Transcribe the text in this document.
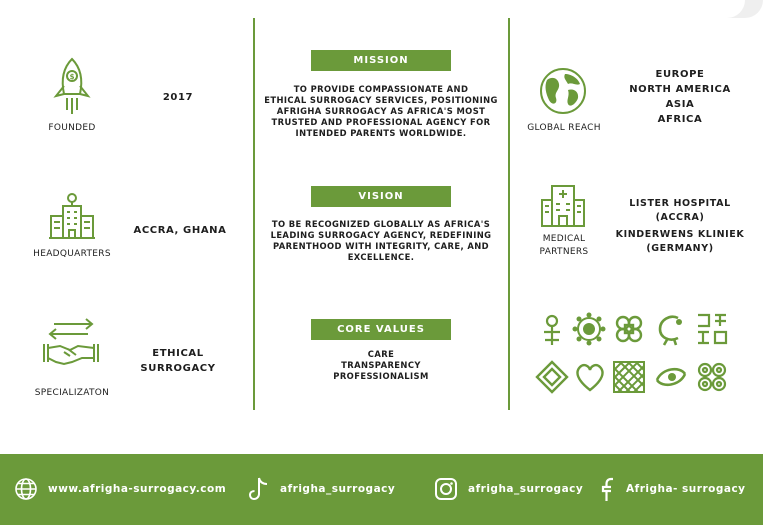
$
FOUNDED
2017
HEADQUARTERS
ACCRA, GHANA
SPECIALIZATON
ETHICAL
SURROGACY
MISSION
TO PROVIDE COMPASSIONATE AND
ETHICAL SURROGACY SERVICES, POSITIONING
AFRIGHA SURROGACY AS AFRICA'S MOST
TRUSTED AND PROFESSIONAL AGENCY FOR
INTENDED PARENTS WORLDWIDE.
VISION
TO BE RECOGNIZED GLOBALLY AS AFRICA'S
LEADING SURROGACY AGENCY, REDEFINING
PARENTHOOD WITH INTEGRITY, CARE, AND
EXCELLENCE.
CORE VALUES
CARE
TRANSPARENCY
PROFESSIONALISM
GLOBAL REACH
EUROPE
NORTH AMERICA
ASIA
AFRICA
MEDICAL
PARTNERS
LISTER HOSPITAL
(ACCRA)
KINDERWENS KLINIEK
(GERMANY)
www.afrigha-surrogacy.com	afrigha_surrogacy	afrigha_surrogacy	Afrigha- surrogacy
